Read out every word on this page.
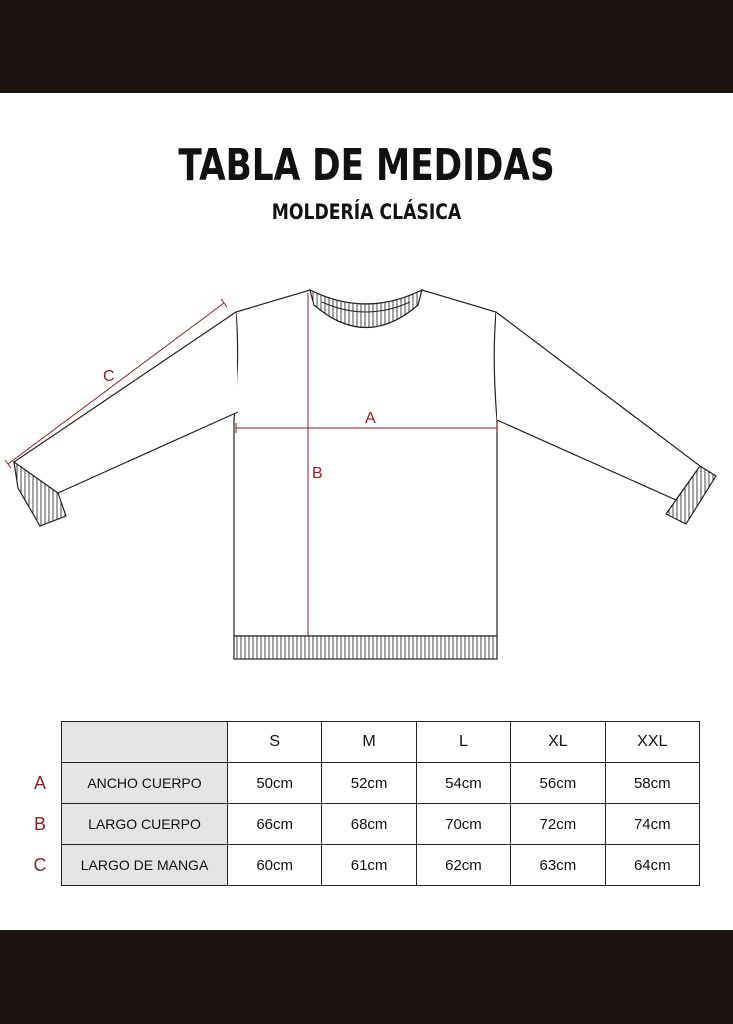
TABLA DE MEDIDAS
MOLDERÍA CLÁSICA
A
B
C
A
B
C
	S	M	L	XL	XXL
ANCHO CUERPO	50cm	52cm	54cm	56cm	58cm
LARGO CUERPO	66cm	68cm	70cm	72cm	74cm
LARGO DE MANGA	60cm	61cm	62cm	63cm	64cm
